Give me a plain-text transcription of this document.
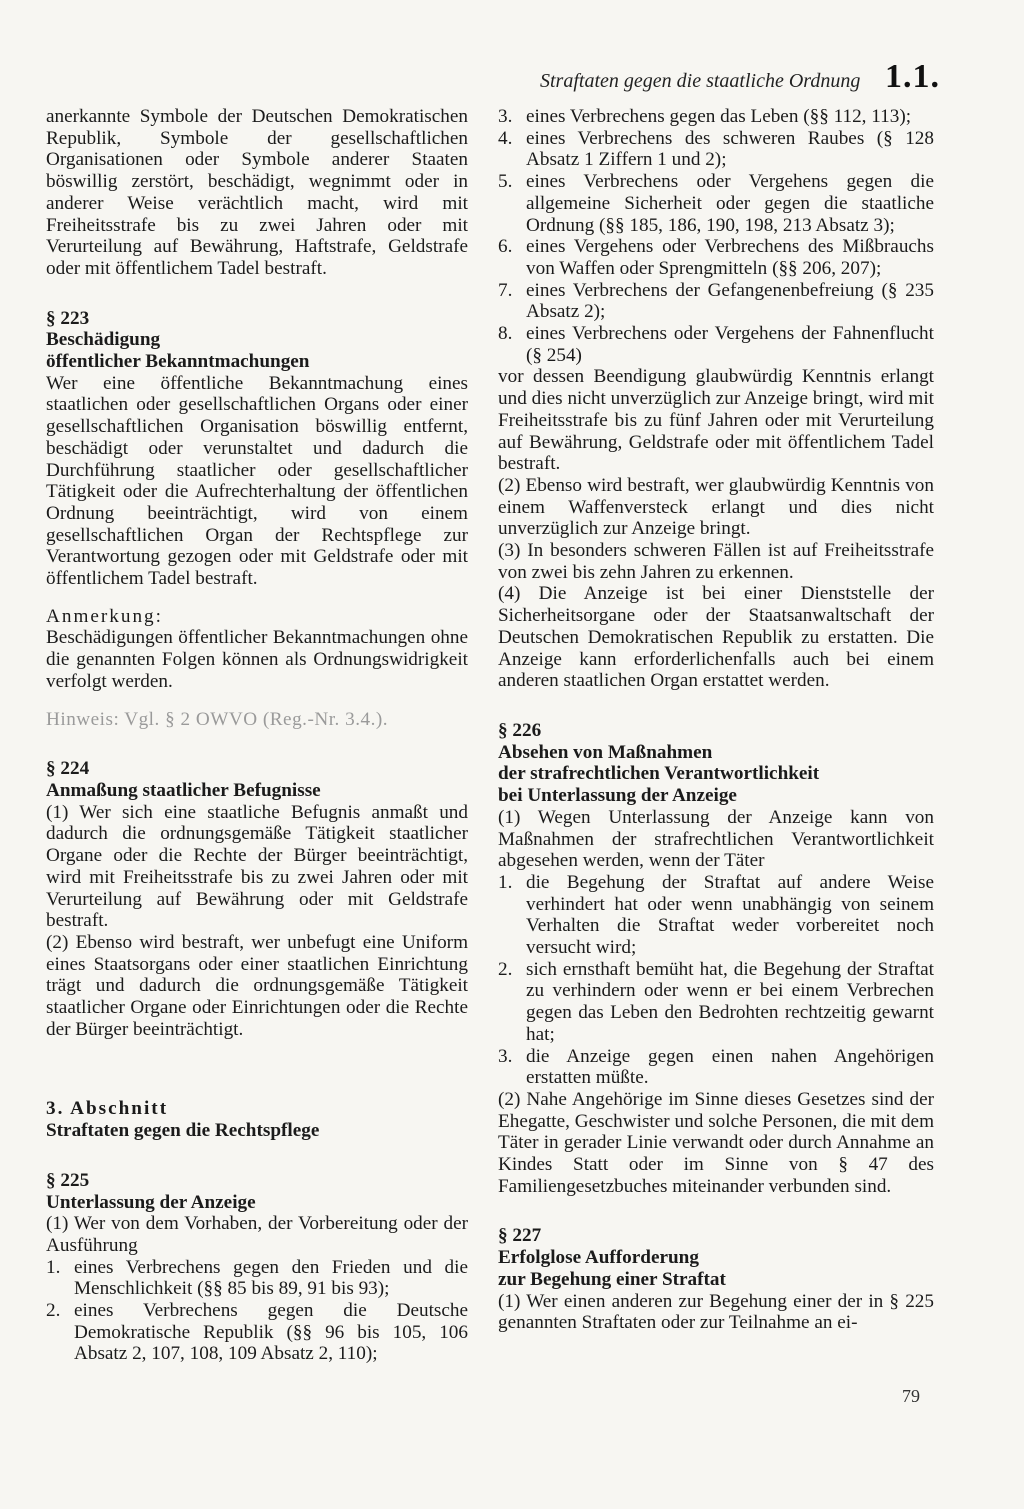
Straftaten gegen die staatliche Ordnung 1.1.

anerkannte Symbole der Deutschen Demokratischen Republik, Symbole der gesellschaftlichen Organisationen oder Symbole anderer Staaten böswillig zerstört, beschädigt, wegnimmt oder in anderer Weise verächtlich macht, wird mit Freiheitsstrafe bis zu zwei Jahren oder mit Verurteilung auf Bewährung, Haftstrafe, Geldstrafe oder mit öffentlichem Tadel bestraft.

§ 223
Beschädigung
öffentlicher Bekanntmachungen

Wer eine öffentliche Bekanntmachung eines staatlichen oder gesellschaftlichen Organs oder einer gesellschaftlichen Organisation böswillig entfernt, beschädigt oder verunstaltet und dadurch die Durchführung staatlicher oder gesellschaftlicher Tätigkeit oder die Aufrechterhaltung der öffentlichen Ordnung beeinträchtigt, wird von einem gesellschaftlichen Organ der Rechtspflege zur Verantwortung gezogen oder mit Geldstrafe oder mit öffentlichem Tadel bestraft.

Anmerkung:

Beschädigungen öffentlicher Bekanntmachungen ohne die genannten Folgen können als Ordnungswidrigkeit verfolgt werden.

Hinweis: Vgl. § 2 OWVO (Reg.-Nr. 3.4.).

§ 224
Anmaßung staatlicher Befugnisse

(1) Wer sich eine staatliche Befugnis anmaßt und dadurch die ordnungsgemäße Tätigkeit staatlicher Organe oder die Rechte der Bürger beeinträchtigt, wird mit Freiheitsstrafe bis zu zwei Jahren oder mit Verurteilung auf Bewährung oder mit Geldstrafe bestraft.

(2) Ebenso wird bestraft, wer unbefugt eine Uniform eines Staatsorgans oder einer staatlichen Einrichtung trägt und dadurch die ordnungsgemäße Tätigkeit staatlicher Organe oder Einrichtungen oder die Rechte der Bürger beeinträchtigt.

3. Abschnitt
Straftaten gegen die Rechtspflege
§ 225
Unterlassung der Anzeige

(1) Wer von dem Vorhaben, der Vorbereitung oder der Ausführung

1. eines Verbrechens gegen den Frieden und die Menschlichkeit (§§ 85 bis 89, 91 bis 93);
2. eines Verbrechens gegen die Deutsche Demokratische Republik (§§ 96 bis 105, 106 Absatz 2, 107, 108, 109 Absatz 2, 110);
3. eines Verbrechens gegen das Leben (§§ 112, 113);
4. eines Verbrechens des schweren Raubes (§ 128 Absatz 1 Ziffern 1 und 2);
5. eines Verbrechens oder Vergehens gegen die allgemeine Sicherheit oder gegen die staatliche Ordnung (§§ 185, 186, 190, 198, 213 Absatz 3);
6. eines Vergehens oder Verbrechens des Mißbrauchs von Waffen oder Sprengmitteln (§§ 206, 207);
7. eines Verbrechens der Gefangenenbefreiung (§ 235 Absatz 2);
8. eines Verbrechens oder Vergehens der Fahnenflucht (§ 254)

vor dessen Beendigung glaubwürdig Kenntnis erlangt und dies nicht unverzüglich zur Anzeige bringt, wird mit Freiheitsstrafe bis zu fünf Jahren oder mit Verurteilung auf Bewährung, Geldstrafe oder mit öffentlichem Tadel bestraft.

(2) Ebenso wird bestraft, wer glaubwürdig Kenntnis von einem Waffenversteck erlangt und dies nicht unverzüglich zur Anzeige bringt.

(3) In besonders schweren Fällen ist auf Freiheitsstrafe von zwei bis zehn Jahren zu erkennen.

(4) Die Anzeige ist bei einer Dienststelle der Sicherheitsorgane oder der Staatsanwaltschaft der Deutschen Demokratischen Republik zu erstatten. Die Anzeige kann erforderlichenfalls auch bei einem anderen staatlichen Organ erstattet werden.

§ 226
Absehen von Maßnahmen
der strafrechtlichen Verantwortlichkeit
bei Unterlassung der Anzeige

(1) Wegen Unterlassung der Anzeige kann von Maßnahmen der strafrechtlichen Verantwortlichkeit abgesehen werden, wenn der Täter

1. die Begehung der Straftat auf andere Weise verhindert hat oder wenn unabhängig von seinem Verhalten die Straftat weder vorbereitet noch versucht wird;
2. sich ernsthaft bemüht hat, die Begehung der Straftat zu verhindern oder wenn er bei einem Verbrechen gegen das Leben den Bedrohten rechtzeitig gewarnt hat;
3. die Anzeige gegen einen nahen Angehörigen erstatten müßte.

(2) Nahe Angehörige im Sinne dieses Gesetzes sind der Ehegatte, Geschwister und solche Personen, die mit dem Täter in gerader Linie verwandt oder durch Annahme an Kindes Statt oder im Sinne von § 47 des Familiengesetzbuches miteinander verbunden sind.

§ 227
Erfolglose Aufforderung
zur Begehung einer Straftat

(1) Wer einen anderen zur Begehung einer der in § 225 genannten Straftaten oder zur Teilnahme an ei-

79
